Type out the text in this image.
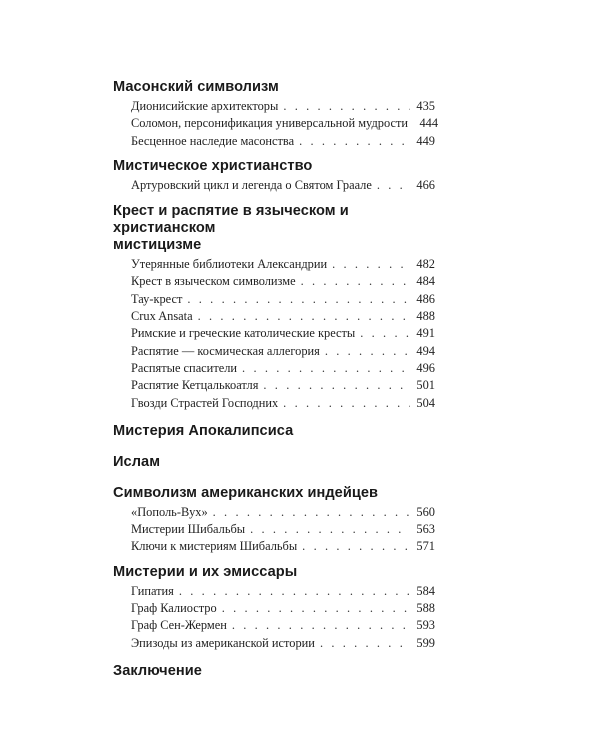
Масонский символизм
Дионисийские архитекторы . . .	435
Соломон, персонификация универсальной мудрости 444
Бесценное наследие масонства . . .	449
Мистическое христианство
Артуровский цикл и легенда о Святом Граале . . .	466
Крест и распятие в языческом и христианском
мистицизме
Утерянные библиотеки Александрии . . .	482
Крест в языческом символизме . . .	484
Тау-крест . . .	486
Crux Ansata . . .	488
Римские и греческие католические кресты . . .	491
Распятие — космическая аллегория . . .	494
Распятые спасители . . .	496
Распятие Кетцалькоатля . . .	501
Гвозди Страстей Господних . . .	504
Мистерия Апокалипсиса
Ислам
Символизм американских индейцев
«Пополь-Вух» . . .	560
Мистерии Шибальбы . . .	563
Ключи к мистериям Шибальбы . . .	571
Мистерии и их эмиссары
Гипатия . . .	584
Граф Калиостро . . .	588
Граф Сен-Жермен . . .	593
Эпизоды из американской истории . . .	599
Заключение
